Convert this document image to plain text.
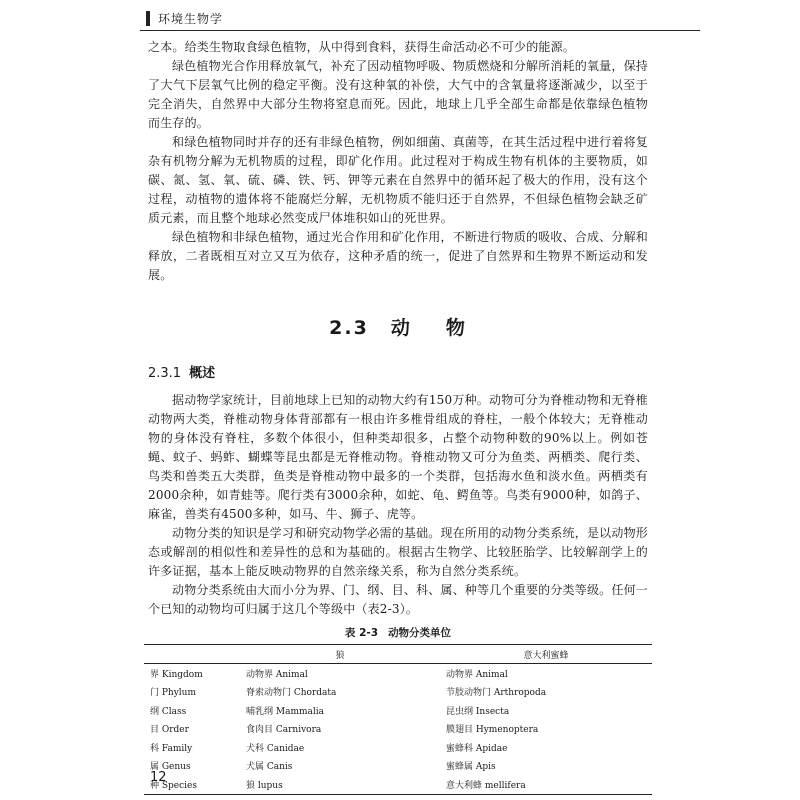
环境生物学

之本。给类生物取食绿色植物，从中得到食料，获得生命活动必不可少的能源。

绿色植物光合作用释放氧气，补充了因动植物呼吸、物质燃烧和分解所消耗的氧量，保持了大气下层氧气比例的稳定平衡。没有这种氧的补偿，大气中的含氧量将逐渐减少，以至于完全消失，自然界中大部分生物将窒息而死。因此，地球上几乎全部生命都是依靠绿色植物而生存的。

和绿色植物同时并存的还有非绿色植物，例如细菌、真菌等，在其生活过程中进行着将复杂有机物分解为无机物质的过程，即矿化作用。此过程对于构成生物有机体的主要物质，如碳、氮、氢、氧、硫、磷、铁、钙、钾等元素在自然界中的循环起了极大的作用，没有这个过程，动植物的遗体将不能腐烂分解，无机物质不能归还于自然界，不但绿色植物会缺乏矿质元素，而且整个地球必然变成尸体堆积如山的死世界。

绿色植物和非绿色植物，通过光合作用和矿化作用，不断进行物质的吸收、合成、分解和释放，二者既相互对立又互为依存，这种矛盾的统一，促进了自然界和生物界不断运动和发展。

2.3 动 物
2.3.1 概述

据动物学家统计，目前地球上已知的动物大约有150万种。动物可分为脊椎动物和无脊椎动物两大类，脊椎动物身体背部都有一根由许多椎骨组成的脊柱，一般个体较大；无脊椎动物的身体没有脊柱，多数个体很小，但种类却很多，占整个动物种数的90%以上。例如苍蝇、蚊子、蚂蚱、蝴蝶等昆虫都是无脊椎动物。脊椎动物又可分为鱼类、两栖类、爬行类、鸟类和兽类五大类群，鱼类是脊椎动物中最多的一个类群，包括海水鱼和淡水鱼。两栖类有2000余种，如青蛙等。爬行类有3000余种，如蛇、龟、鳄鱼等。鸟类有9000种，如鸽子、麻雀，兽类有4500多种，如马、牛、狮子、虎等。

动物分类的知识是学习和研究动物学必需的基础。现在所用的动物分类系统，是以动物形态或解剖的相似性和差异性的总和为基础的。根据古生物学、比较胚胎学、比较解剖学上的许多证据，基本上能反映动物界的自然亲缘关系，称为自然分类系统。

动物分类系统由大而小分为界、门、纲、目、科、属、种等几个重要的分类等级。任何一个已知的动物均可归属于这几个等级中（表2-3）。

表 2-3 动物分类单位
	狼	意大利蜜蜂
界 Kingdom	动物界 Animal	动物界 Animal
门 Phylum	脊索动物门 Chordata	节肢动物门 Arthropoda
纲 Class	哺乳纲 Mammalia	昆虫纲 Insecta
目 Order	食肉目 Carnivora	膜翅目 Hymenoptera
科 Family	犬科 Canidae	蜜蜂科 Apidae
属 Genus	犬属 Canis	蜜蜂属 Apis
种 Species	狼 lupus	意大利蜂 mellifera
12
